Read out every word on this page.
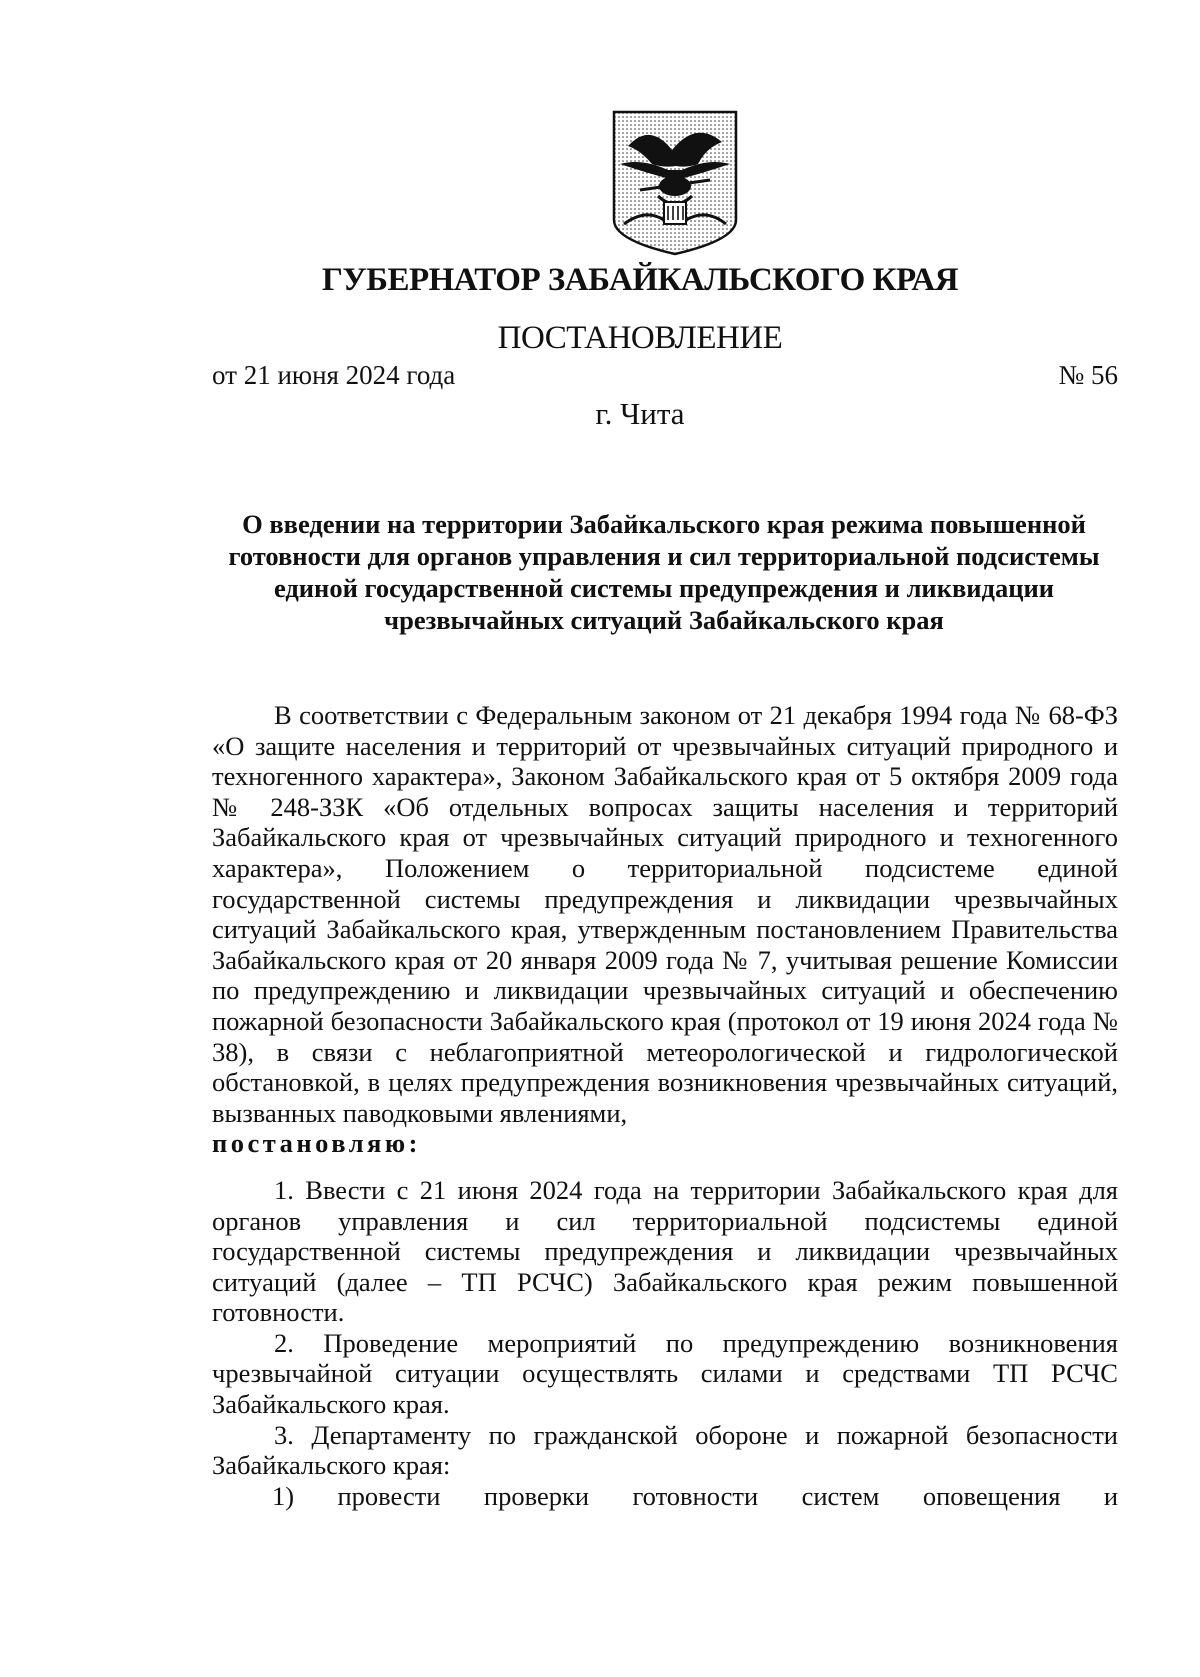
ГУБЕРНАТОР ЗАБАЙКАЛЬСКОГО КРАЯ
ПОСТАНОВЛЕНИЕ
от 21 июня 2024 года	№ 56
г. Чита
О введении на территории Забайкальского края режима повышенной готовности для органов управления и сил территориальной подсистемы единой государственной системы предупреждения и ликвидации чрезвычайных ситуаций Забайкальского края

В соответствии с Федеральным законом от 21 декабря 1994 года № 68-ФЗ «О защите населения и территорий от чрезвычайных ситуаций природного и техногенного характера», Законом Забайкальского края от 5 октября 2009 года № 248-ЗЗК «Об отдельных вопросах защиты населения и территорий Забайкальского края от чрезвычайных ситуаций природного и техногенного характера», Положением о территориальной подсистеме единой государственной системы предупреждения и ликвидации чрезвычайных ситуаций Забайкальского края, утвержденным постановлением Правительства Забайкальского края от 20 января 2009 года № 7, учитывая решение Комиссии по предупреждению и ликвидации чрезвычайных ситуаций и обеспечению пожарной безопасности Забайкальского края (протокол от 19 июня 2024 года № 38), в связи с неблагоприятной метеорологической и гидрологической обстановкой, в целях предупреждения возникновения чрезвычайных ситуаций, вызванных паводковыми явлениями,

постановляю:

1. Ввести с 21 июня 2024 года на территории Забайкальского края для органов управления и сил территориальной подсистемы единой государственной системы предупреждения и ликвидации чрезвычайных ситуаций (далее – ТП РСЧС) Забайкальского края режим повышенной готовности.

2. Проведение мероприятий по предупреждению возникновения чрезвычайной ситуации осуществлять силами и средствами ТП РСЧС Забайкальского края.

3. Департаменту по гражданской обороне и пожарной безопасности Забайкальского края:

1) провести проверки готовности систем оповещения и
